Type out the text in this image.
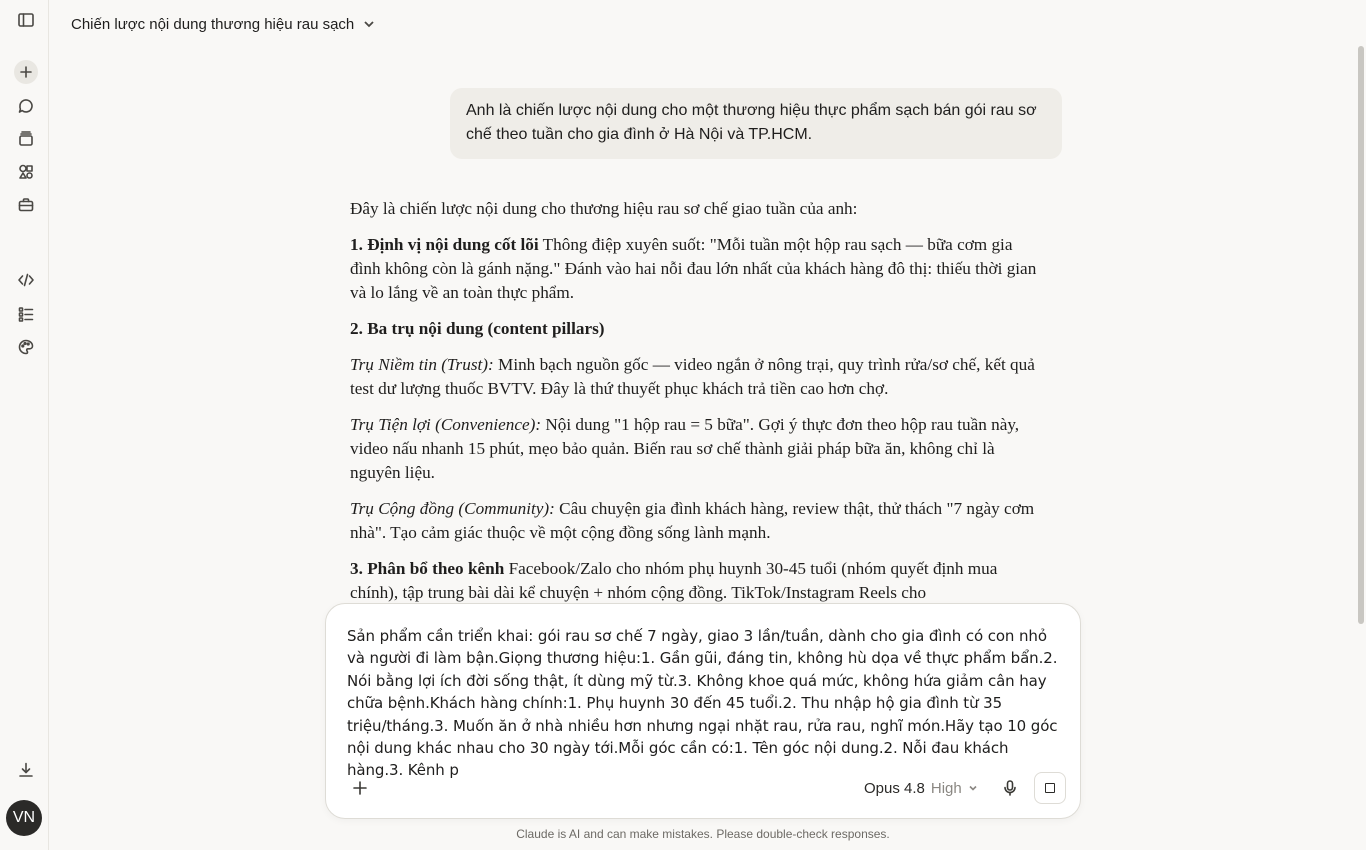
VN
Chiến lược nội dung thương hiệu rau sạch
Anh là chiến lược nội dung cho một thương hiệu thực phẩm sạch bán gói rau sơ chế theo tuần cho gia đình ở Hà Nội và TP.HCM.

Đây là chiến lược nội dung cho thương hiệu rau sơ chế giao tuần của anh:

1. Định vị nội dung cốt lõi Thông điệp xuyên suốt: "Mỗi tuần một hộp rau sạch — bữa cơm gia đình không còn là gánh nặng." Đánh vào hai nỗi đau lớn nhất của khách hàng đô thị: thiếu thời gian và lo lắng về an toàn thực phẩm.

2. Ba trụ nội dung (content pillars)

Trụ Niềm tin (Trust): Minh bạch nguồn gốc — video ngắn ở nông trại, quy trình rửa/sơ chế, kết quả test dư lượng thuốc BVTV. Đây là thứ thuyết phục khách trả tiền cao hơn chợ.

Trụ Tiện lợi (Convenience): Nội dung "1 hộp rau = 5 bữa". Gợi ý thực đơn theo hộp rau tuần này, video nấu nhanh 15 phút, mẹo bảo quản. Biến rau sơ chế thành giải pháp bữa ăn, không chỉ là nguyên liệu.

Trụ Cộng đồng (Community): Câu chuyện gia đình khách hàng, review thật, thử thách "7 ngày cơm nhà". Tạo cảm giác thuộc về một cộng đồng sống lành mạnh.

3. Phân bổ theo kênh Facebook/Zalo cho nhóm phụ huynh 30-45 tuổi (nhóm quyết định mua chính), tập trung bài dài kể chuyện + nhóm cộng đồng. TikTok/Instagram Reels cho

Sản phẩm cần triển khai: gói rau sơ chế 7 ngày, giao 3 lần/tuần, dành cho gia đình có con nhỏ và người đi làm bận.Giọng thương hiệu:1. Gần gũi, đáng tin, không hù dọa về thực phẩm bẩn.2. Nói bằng lợi ích đời sống thật, ít dùng mỹ từ.3. Không khoe quá mức, không hứa giảm cân hay chữa bệnh.Khách hàng chính:1. Phụ huynh 30 đến 45 tuổi.2. Thu nhập hộ gia đình từ 35 triệu/tháng.3. Muốn ăn ở nhà nhiều hơn nhưng ngại nhặt rau, rửa rau, nghĩ món.Hãy tạo 10 góc nội dung khác nhau cho 30 ngày tới.Mỗi góc cần có:1. Tên góc nội dung.2. Nỗi đau khách hàng.3. Kênh p
Opus 4.8 High
Claude is AI and can make mistakes. Please double-check responses.
